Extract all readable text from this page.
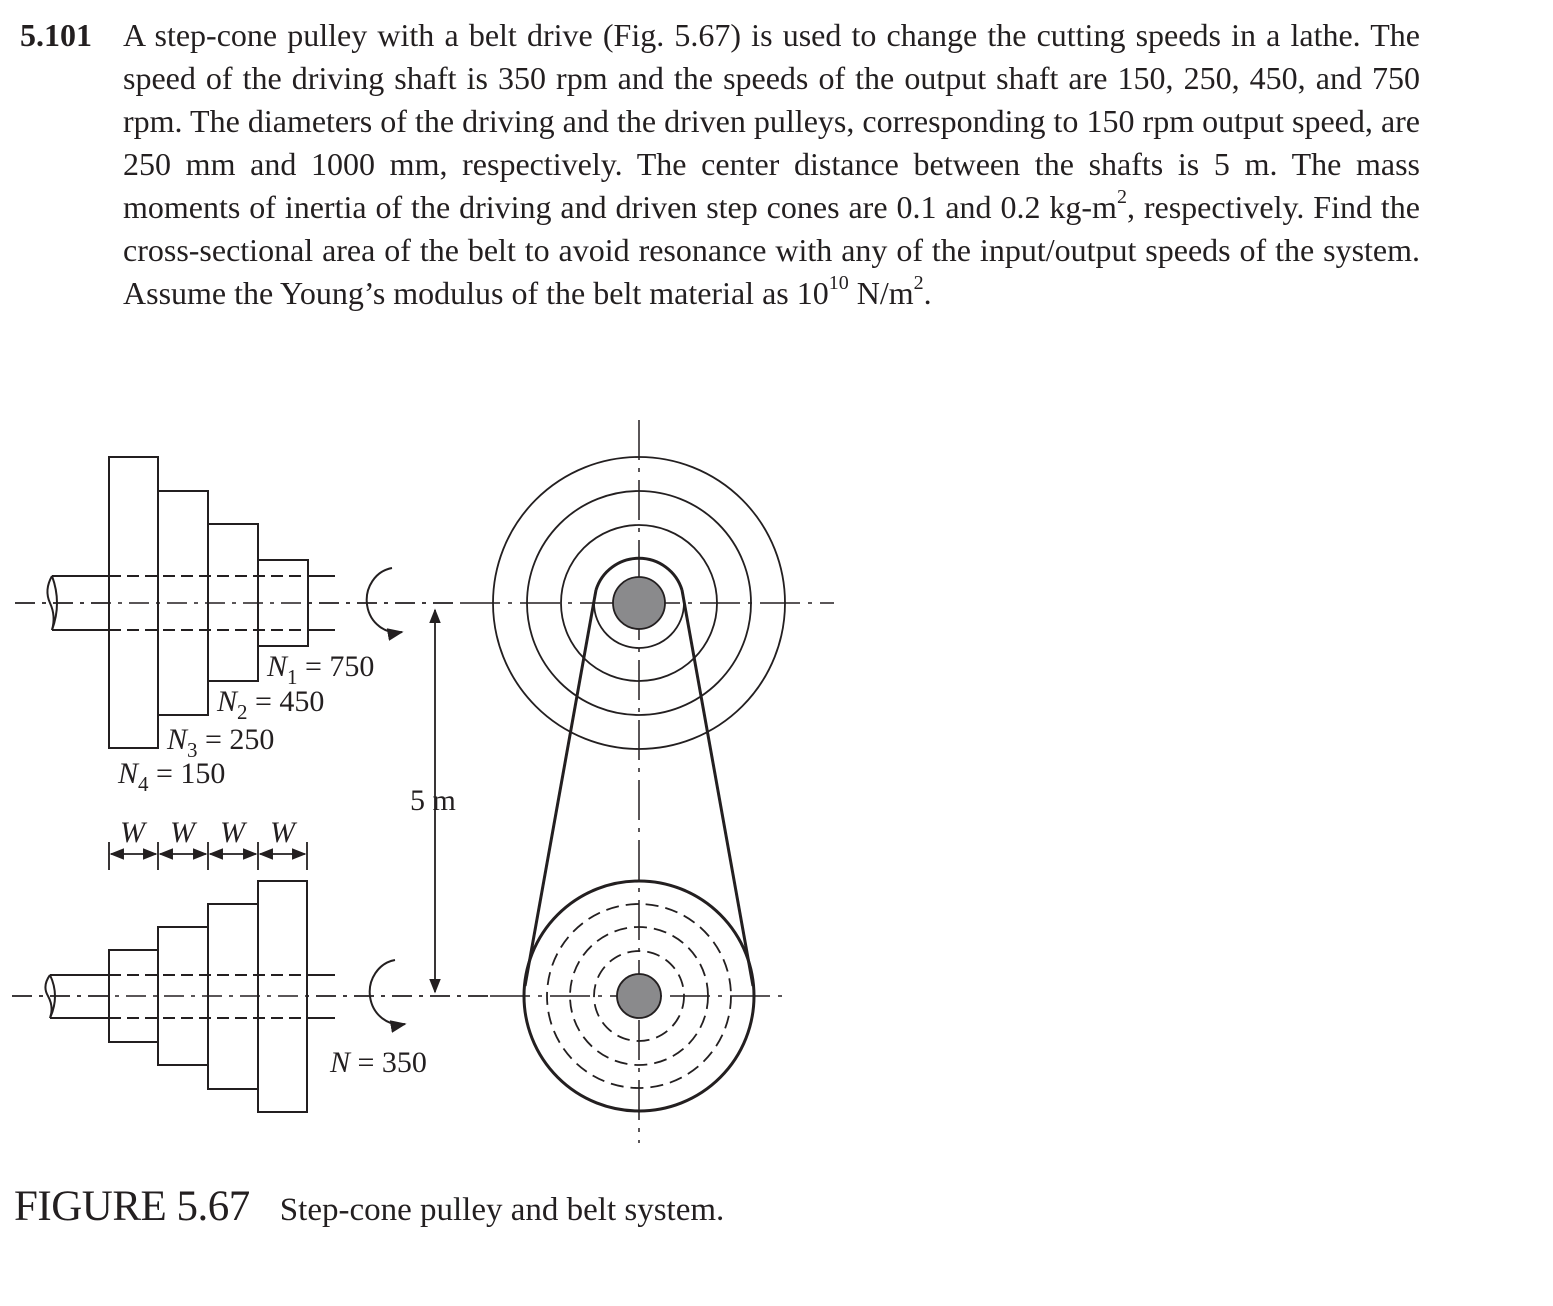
5.101 A step-cone pulley with a belt drive (Fig. 5.67) is used to change the cutting speeds in a lathe. The speed of the driving shaft is 350 rpm and the speeds of the output shaft are 150, 250, 450, and 750 rpm. The diameters of the driving and the driven pulleys, corresponding to 150 rpm output speed, are 250 mm and 1000 mm, respectively. The center distance between the shafts is 5 m. The mass moments of inertia of the driving and driven step cones are 0.1 and 0.2 $kg-m^2$, respectively. Find the cross-sectional area of the belt to avoid resonance with any of the input/output speeds of the system. Assume the Young’s modulus of the belt material as $10^{10}$ $N/m^2$.
$N_1 = 750$
$N_2 = 450$
$N_3 = 250$
$N_4 = 150$
W W W W
N = 350
5 m
FIGURE 5.67 Step-cone pulley and belt system.
